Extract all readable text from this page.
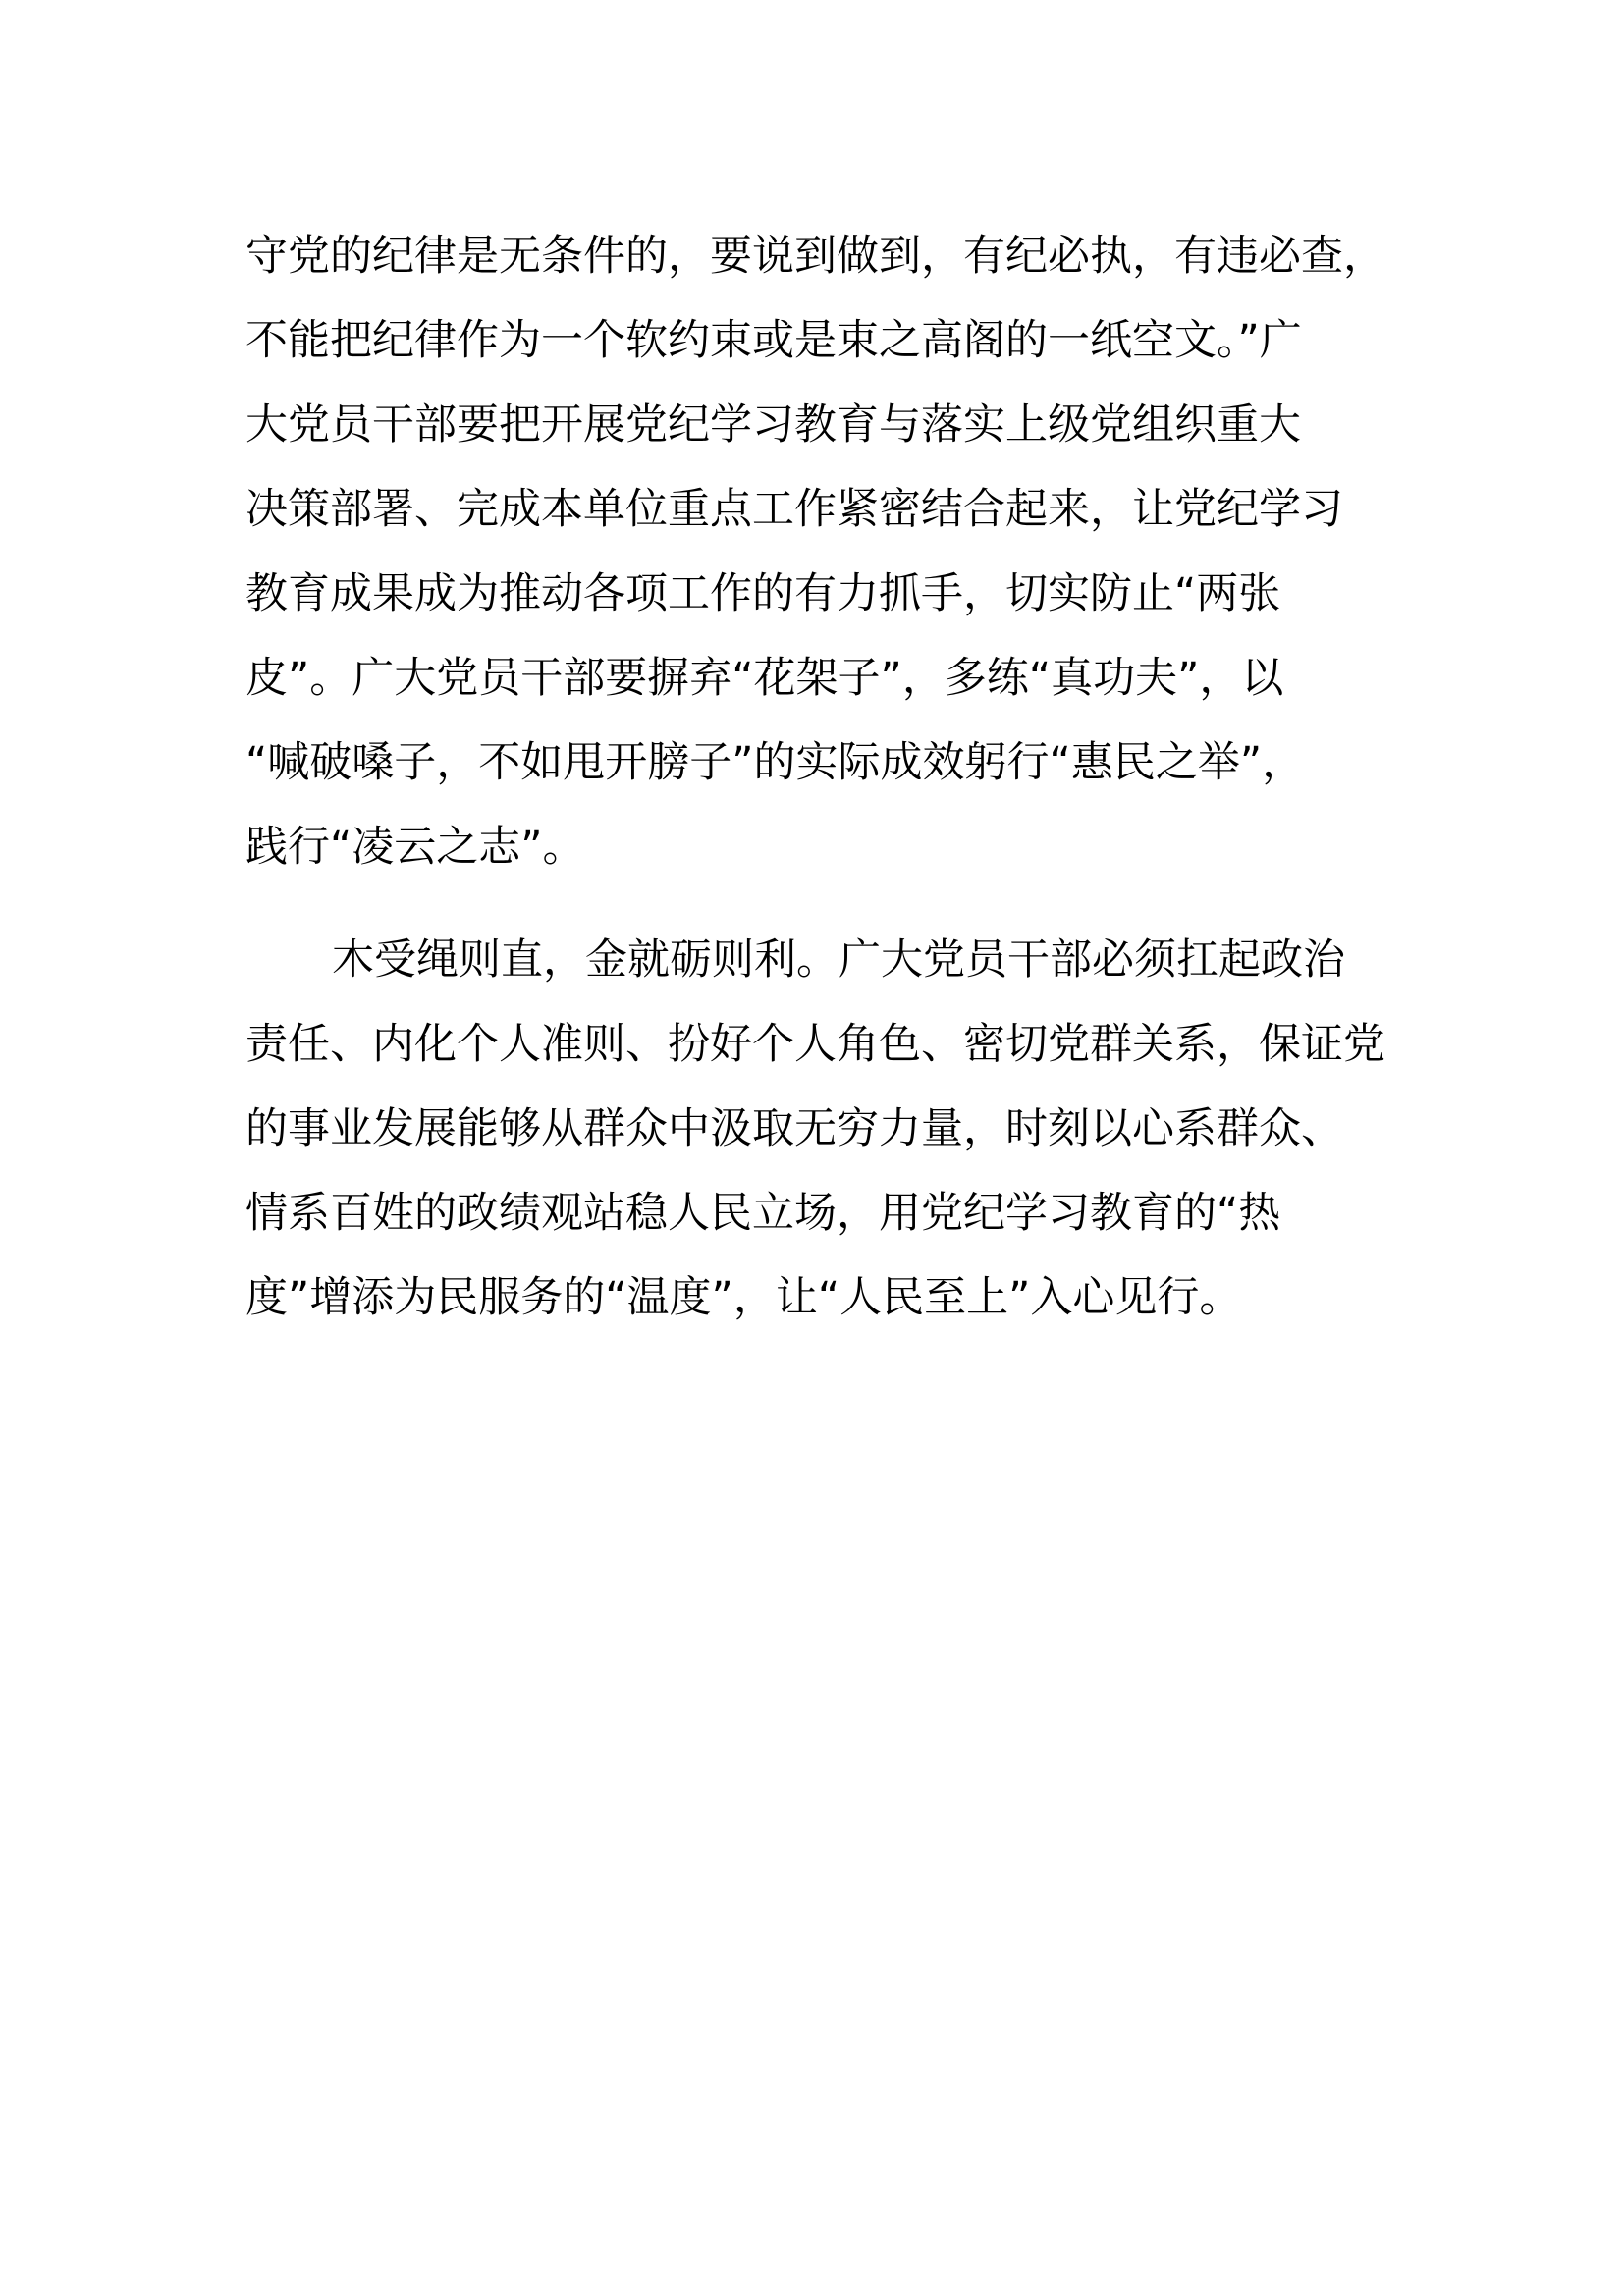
守党的纪律是无条件的，要说到做到，有纪必执，有违必查，

不能把纪律作为一个软约束或是束之高阁的一纸空文。”广

大党员干部要把开展党纪学习教育与落实上级党组织重大

决策部署、完成本单位重点工作紧密结合起来，让党纪学习

教育成果成为推动各项工作的有力抓手，切实防止“两张

皮”。广大党员干部要摒弃“花架子”，多练“真功夫”，以

“喊破嗓子，不如甩开膀子”的实际成效躬行“惠民之举”，

践行“凌云之志”。

木受绳则直，金就砺则利。广大党员干部必须扛起政治

责任、内化个人准则、扮好个人角色、密切党群关系，保证党

的事业发展能够从群众中汲取无穷力量，时刻以心系群众、

情系百姓的政绩观站稳人民立场，用党纪学习教育的“热

度”增添为民服务的“温度”，让“人民至上”入心见行。
